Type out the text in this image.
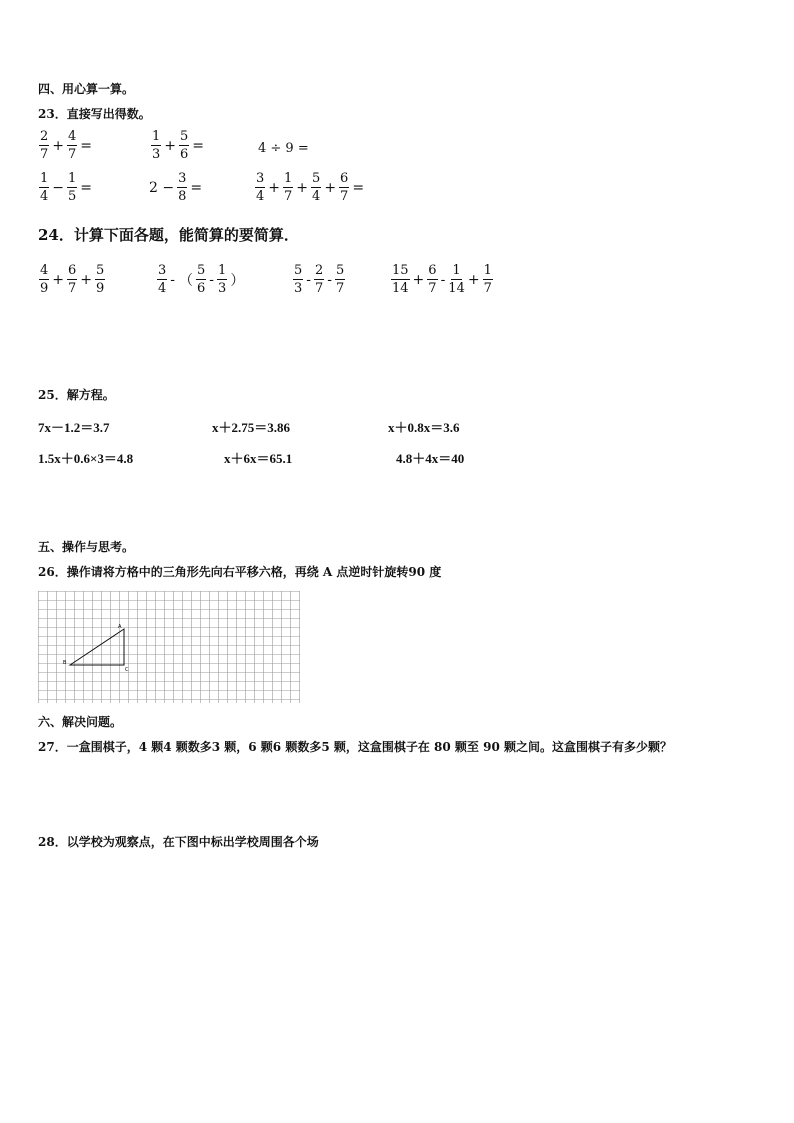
四、用心算一算。
23．直接写出得数。
$\frac{2}{7} + \frac{4}{7}$ =	$\frac{1}{3} + \frac{5}{6}$ =	4 ÷ 9 =
$\frac{1}{4} - \frac{1}{5}$ =	$2 - \frac{3}{8}$ =	$\frac{3}{4} + \frac{1}{7} + \frac{5}{4} + \frac{6}{7}$ =
24．计算下面各题，能简算的要简算．
$\frac{4}{9} + \frac{6}{7} + \frac{5}{9}$	$\frac{3}{4}$ - （ $\frac{5}{6} - \frac{1}{3}$ ）	$\frac{5}{3} - \frac{2}{7} - \frac{5}{7}$	$\frac{15}{14} + \frac{6}{7} - \frac{1}{14} + \frac{1}{7}$
25．解方程。
7x－1.2＝3.7	x＋2.75＝3.86	x＋0.8x＝3.6
1.5x＋0.6×3＝4.8	x＋6x＝65.1	4.8＋4x＝40
五、操作与思考。
26．操作请将方格中的三角形先向右平移六格，再绕 A 点逆时针旋转90 度
A
B
C
六、解决问题。
27．一盒围棋子，4 颗4 颗数多3 颗，6 颗6 颗数多5 颗，这盒围棋子在 80 颗至 90 颗之间。这盒围棋子有多少颗？
28．以学校为观察点，在下图中标出学校周围各个场
